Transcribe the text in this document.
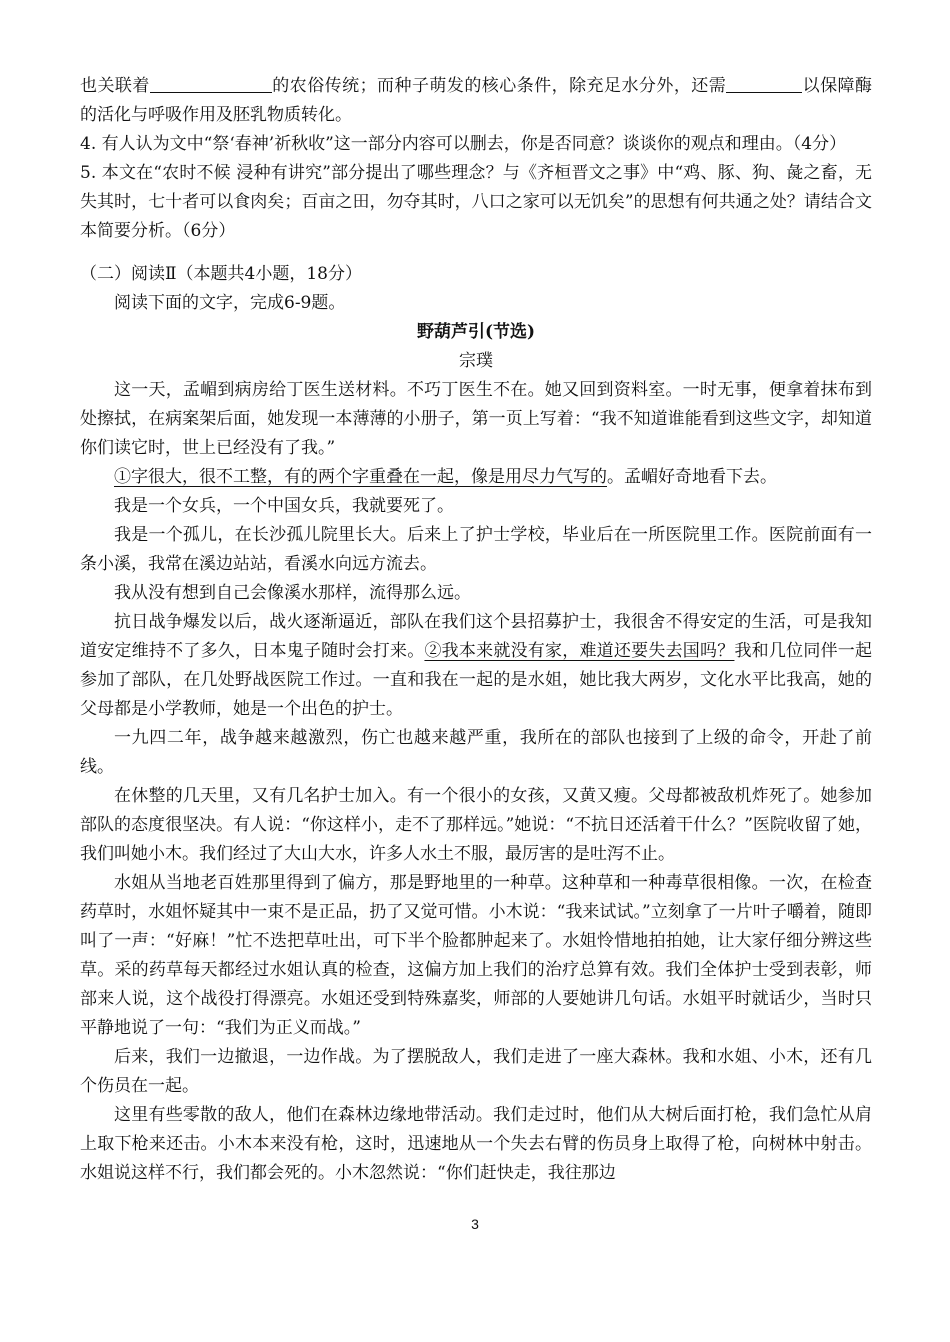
也关联着	的农俗传统；而种子萌发的核心条件，除充足水分外，还需	以保障酶的活化与呼吸作用及胚乳物质转化。

4. 有人认为文中“祭‘春神’祈秋收”这一部分内容可以删去，你是否同意？谈谈你的观点和理由。（4分）

5. 本文在“农时不候 浸种有讲究”部分提出了哪些理念？与《齐桓晋文之事》中“鸡、豚、狗、彘之畜，无失其时，七十者可以食肉矣；百亩之田，勿夺其时，八口之家可以无饥矣”的思想有何共通之处？请结合文本简要分析。（6分）

（二）阅读Ⅱ（本题共4小题，18分）

阅读下面的文字，完成6-9题。

野葫芦引(节选)

宗璞

这一天，孟嵋到病房给丁医生送材料。不巧丁医生不在。她又回到资料室。一时无事，便拿着抹布到处擦拭，在病案架后面，她发现一本薄薄的小册子，第一页上写着：“我不知道谁能看到这些文字，却知道你们读它时，世上已经没有了我。”

①字很大，很不工整，有的两个字重叠在一起，像是用尽力气写的。孟嵋好奇地看下去。

我是一个女兵，一个中国女兵，我就要死了。

我是一个孤儿，在长沙孤儿院里长大。后来上了护士学校，毕业后在一所医院里工作。医院前面有一条小溪，我常在溪边站站，看溪水向远方流去。

我从没有想到自己会像溪水那样，流得那么远。

抗日战争爆发以后，战火逐渐逼近，部队在我们这个县招募护士，我很舍不得安定的生活，可是我知道安定维持不了多久，日本鬼子随时会打来。②我本来就没有家，难道还要失去国吗？我和几位同伴一起参加了部队，在几处野战医院工作过。一直和我在一起的是水姐，她比我大两岁，文化水平比我高，她的父母都是小学教师，她是一个出色的护士。

一九四二年，战争越来越激烈，伤亡也越来越严重，我所在的部队也接到了上级的命令，开赴了前线。

在休整的几天里，又有几名护士加入。有一个很小的女孩，又黄又瘦。父母都被敌机炸死了。她参加部队的态度很坚决。有人说：“你这样小，走不了那样远。”她说：“不抗日还活着干什么？”医院收留了她，我们叫她小木。我们经过了大山大水，许多人水土不服，最厉害的是吐泻不止。

水姐从当地老百姓那里得到了偏方，那是野地里的一种草。这种草和一种毒草很相像。一次，在检查药草时，水姐怀疑其中一束不是正品，扔了又觉可惜。小木说：“我来试试。”立刻拿了一片叶子嚼着，随即叫了一声：“好麻！”忙不迭把草吐出，可下半个脸都肿起来了。水姐怜惜地拍拍她，让大家仔细分辨这些草。采的药草每天都经过水姐认真的检查，这偏方加上我们的治疗总算有效。我们全体护士受到表彰，师部来人说，这个战役打得漂亮。水姐还受到特殊嘉奖，师部的人要她讲几句话。水姐平时就话少，当时只平静地说了一句：“我们为正义而战。”

后来，我们一边撤退，一边作战。为了摆脱敌人，我们走进了一座大森林。我和水姐、小木，还有几个伤员在一起。

这里有些零散的敌人，他们在森林边缘地带活动。我们走过时，他们从大树后面打枪，我们急忙从肩上取下枪来还击。小木本来没有枪，这时，迅速地从一个失去右臂的伤员身上取得了枪，向树林中射击。水姐说这样不行，我们都会死的。小木忽然说：“你们赶快走，我往那边

3
